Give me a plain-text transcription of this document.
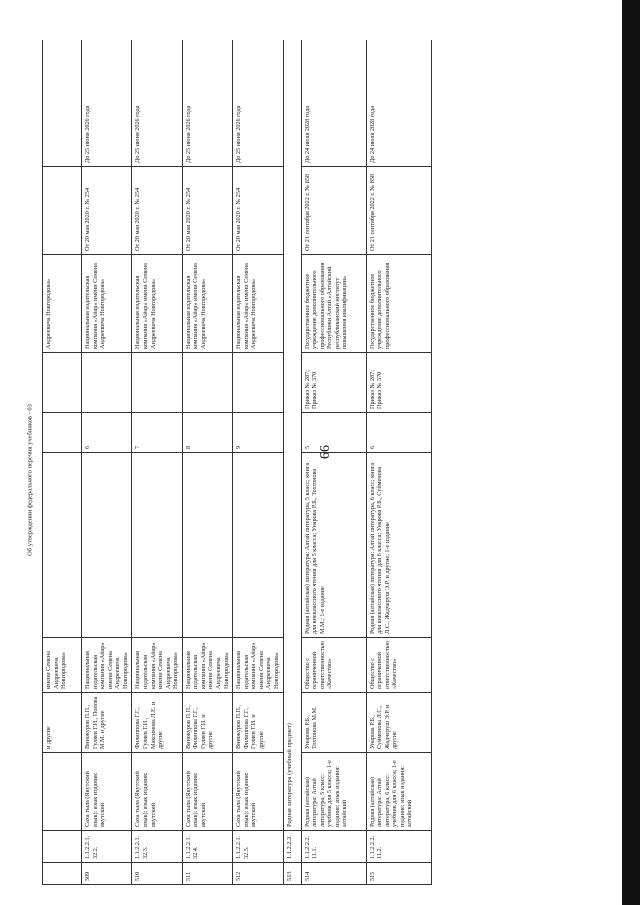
66
Об утверждении федерального перечня учебников - 03
			и другие	имени Семена Андреевича Новгородова»				Андреевича Новгородова»		
509	1.1.2.2.1.32.2.	Саха тыла (Якутский язык): язык издания: якутский	Винокуров П.П., Гуляев Г.И., Попова М.М. и другие	Национальная издательская компания «Айар» имени Семена Андреевича Новгородова»		6		Национальная издательская компания «Айар» имени Семена Андреевича Новгородова»	От 20 мая 2020 г. № 254	До 25 июня 2026 года
510	1.1.2.2.1.32.3.	Саха тыла (Якутский язык): язык издания: якутский	Филиппова Г.Г., Гуляев Г.И., Максимова Л.Е. и другие	Национальная издательская компания «Айар» имени Семена Андреевича Новгородова»		7		Национальная издательская компания «Айар» имени Семена Андреевича Новгородова»	От 20 мая 2020 г. № 254	До 25 июня 2026 года
511	1.1.2.2.1.32.4.	Саха тыла (Якутский язык): язык издания: якутский	Винокуров П.П., Филиппова Г.Г., Гуляев Г.И. и другие	Национальная издательская компания «Айар» имени Семена Андреевича Новгородова»		8		Национальная издательская компания «Айар» имени Семена Андреевича Новгородова»	От 20 мая 2020 г. № 254	До 25 июня 2026 года
512	1.1.2.2.1.32.5.	Саха тыла (Якутский язык): язык издания: якутский	Винокуров П.П., Филиппова Г.Г., Гуляев Г.И. и другие	Национальная издательская компания «Айар» имени Семена Андреевича Новгородова»		9		Национальная издательская компания «Айар» имени Семена Андреевича Новгородова»	От 20 мая 2020 г. № 254	До 25 июня 2026 года
513	1.1.2.2.2	Родная литература (учебный предмет)								
514	1.1.2.2.2.11.1.	Родная (алтайская) литература: Алтай литература, 5 класс: учебник для 5 класса; 1-е издание; язык издания: алтайский	Унарова Р.Б., Тохтонова М.М.	Общество с ограниченной ответственностью «Качество»	Родная (алтайская) литература: Алтай литература, 5 класс; книга для внеклассного чтения для 5 класса; Унарова Р.Б., Тохтонова М.М.; 1-е издание	5	Приказ № 287; Приказ № 370	Государственное бюджетное учреждение дополнительного профессионального образования Республики Алтай «Алтайский республиканский институт повышения квалификации»	От 21 сентября 2022 г. № 858	До 24 июля 2028 года
515	1.1.2.2.2.11.2.	Родная (алтайская) литература: Алтай литература, 6 класс: учебник для 6 класса; 1-е издание; язык издания: алтайский	Унарова Р.Б., Суйменова Л.С., Жадчеруш Э.Р. и другие	Общество с ограниченной ответственностью «Качество»	Родная (алтайская) литература: Алтай литература, 6 класс; книга для внеклассного чтения для 6 класса; Унарова Р.Б., Суйменова Л.С., Жадчеруш Э.Р. и другие; 1-е издание	6	Приказ № 287; Приказ № 370	Государственное бюджетное учреждение дополнительного профессионального образования	От 21 сентября 2022 г. № 858	До 24 июля 2028 года
